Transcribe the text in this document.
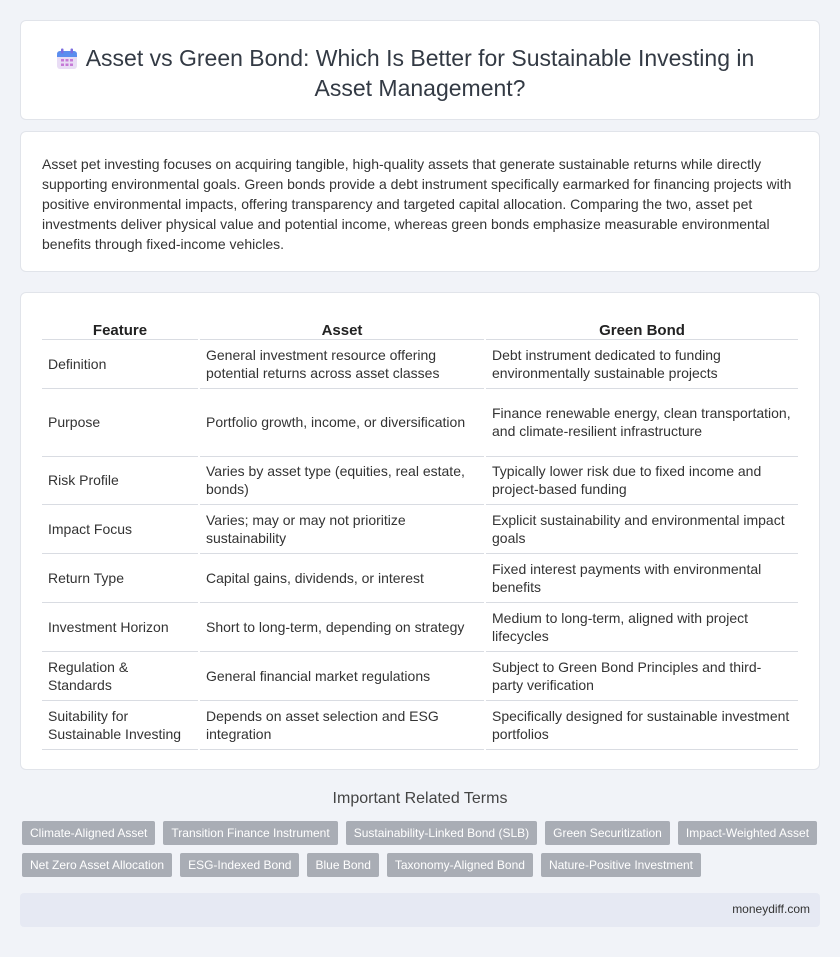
Asset vs Green Bond: Which Is Better for Sustainable Investing in Asset Management?

Asset pet investing focuses on acquiring tangible, high-quality assets that generate sustainable returns while directly supporting environmental goals. Green bonds provide a debt instrument specifically earmarked for financing projects with positive environmental impacts, offering transparency and targeted capital allocation. Comparing the two, asset pet investments deliver physical value and potential income, whereas green bonds emphasize measurable environmental benefits through fixed-income vehicles.

Feature	Asset	Green Bond
Definition	General investment resource offering potential returns across asset classes	Debt instrument dedicated to funding environmentally sustainable projects
Purpose	Portfolio growth, income, or diversification	Finance renewable energy, clean transportation, and climate-resilient infrastructure
Risk Profile	Varies by asset type (equities, real estate, bonds)	Typically lower risk due to fixed income and project-based funding
Impact Focus	Varies; may or may not prioritize sustainability	Explicit sustainability and environmental impact goals
Return Type	Capital gains, dividends, or interest	Fixed interest payments with environmental benefits
Investment Horizon	Short to long-term, depending on strategy	Medium to long-term, aligned with project lifecycles
Regulation & Standards	General financial market regulations	Subject to Green Bond Principles and third-party verification
Suitability for Sustainable Investing	Depends on asset selection and ESG integration	Specifically designed for sustainable investment portfolios
Important Related Terms
Climate-Aligned Asset	Transition Finance Instrument	Sustainability-Linked Bond (SLB)	Green Securitization	Impact-Weighted Asset
Net Zero Asset Allocation	ESG-Indexed Bond	Blue Bond	Taxonomy-Aligned Bond	Nature-Positive Investment
moneydiff.com
